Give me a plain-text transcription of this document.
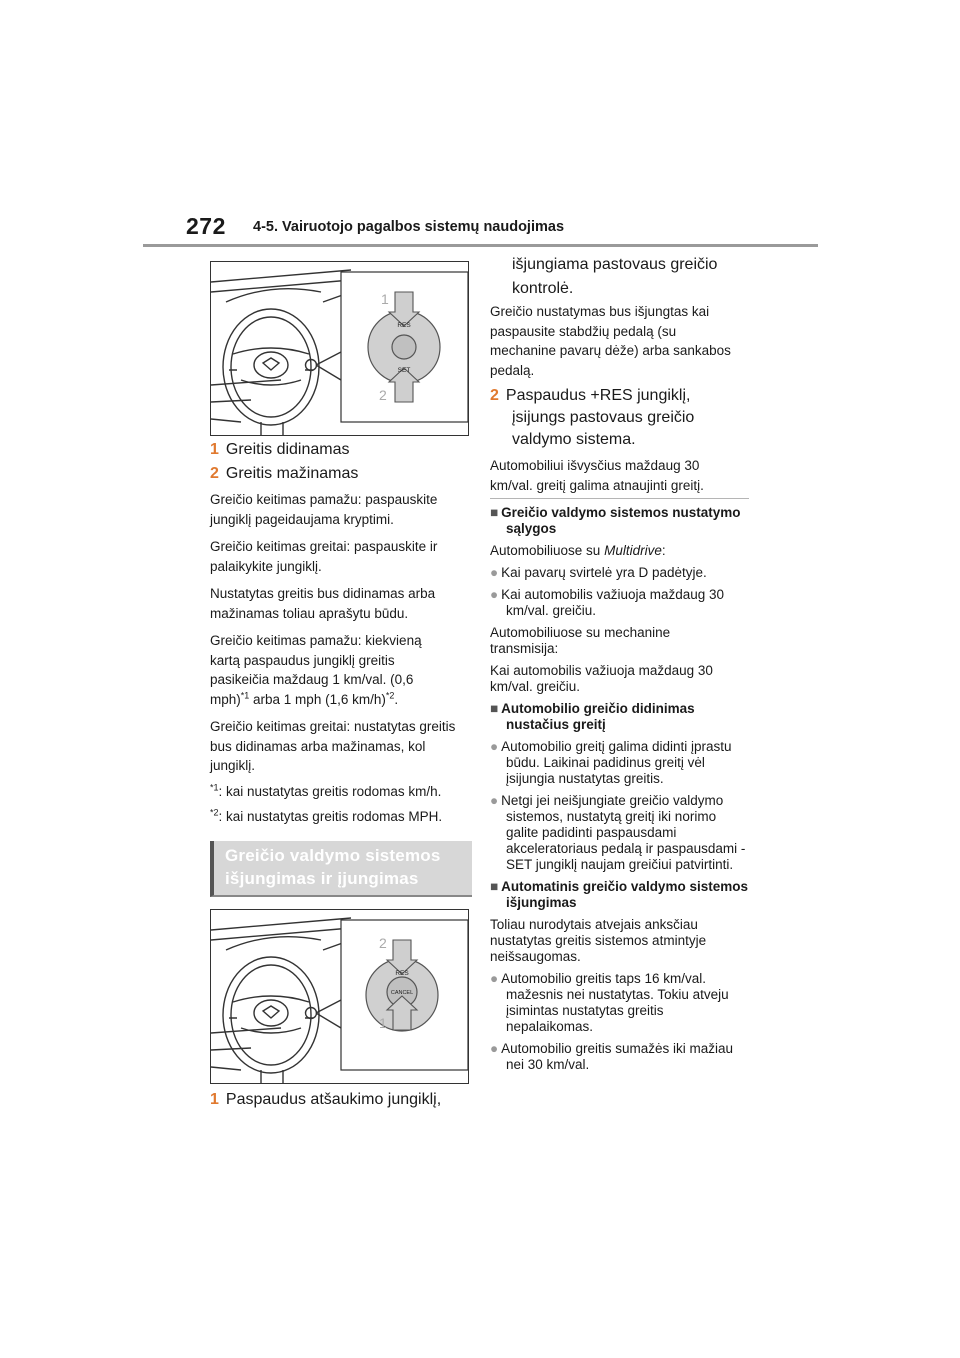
272 4-5. Vairuotojo pagalbos sistemų naudojimas
RES
SET
1
2
1 Greitis didinamas
2 Greitis mažinamas

Greičio keitimas pamažu: paspauskite jungiklį pageidaujama kryptimi.

Greičio keitimas greitai: paspauskite ir palaikykite jungiklį.

Nustatytas greitis bus didinamas arba mažinamas toliau aprašytu būdu.

Greičio keitimas pamažu: kiekvieną kartą paspaudus jungiklį greitis pasikeičia maždaug 1 km/val. (0,6 mph)$^{*1}$ arba 1 mph (1,6 km/h)$^{*2}$.

Greičio keitimas greitai: nustatytas greitis bus didinamas arba mažinamas, kol jungiklį.

$^{*1}$: kai nustatytas greitis rodomas km/h.
$^{*2}$: kai nustatytas greitis rodomas MPH.
Greičio valdymo sistemos
išjungimas ir įjungimas
RES
CANCEL
2
1
1 Paspaudus atšaukimo jungiklį,
išjungiama pastovaus greičio kontrolė.

Greičio nustatymas bus išjungtas kai paspausite stabdžių pedalą (su mechanine pavarų dėže) arba sankabos pedalą.

2 Paspaudus +RES jungiklį, įsijungs pastovaus greičio valdymo sistema.

Automobiliui išvysčius maždaug 30 km/val. greitį galima atnaujinti greitį.

■ Greičio valdymo sistemos nustatymo sąlygos
Automobiliuose su Multidrive:
● Kai pavarų svirtelė yra D padėtyje.
● Kai automobilis važiuoja maždaug 30 km/val. greičiu.
Automobiliuose su mechanine transmisija:
Kai automobilis važiuoja maždaug 30 km/val. greičiu.
■ Automobilio greičio didinimas nustačius greitį
● Automobilio greitį galima didinti įprastu būdu. Laikinai padidinus greitį vėl įsijungia nustatytas greitis.
● Netgi jei neišjungiate greičio valdymo sistemos, nustatytą greitį iki norimo galite padidinti paspausdami akceleratoriaus pedalą ir paspausdami -SET jungiklį naujam greičiui patvirtinti.
■ Automatinis greičio valdymo sistemos išjungimas
Toliau nurodytais atvejais anksčiau nustatytas greitis sistemos atmintyje neišsaugomas.
● Automobilio greitis taps 16 km/val. mažesnis nei nustatytas. Tokiu atveju įsimintas nustatytas greitis nepalaikomas.
● Automobilio greitis sumažės iki mažiau nei 30 km/val.
